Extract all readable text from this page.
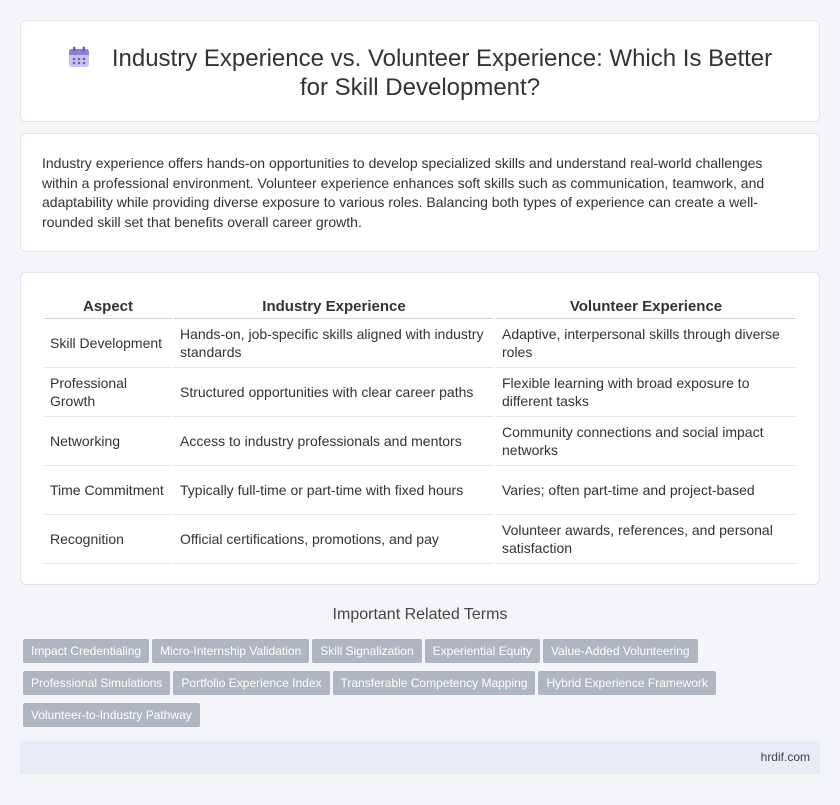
Industry Experience vs. Volunteer Experience: Which Is Better for Skill Development?

Industry experience offers hands-on opportunities to develop specialized skills and understand real-world challenges within a professional environment. Volunteer experience enhances soft skills such as communication, teamwork, and adaptability while providing diverse exposure to various roles. Balancing both types of experience can create a well-rounded skill set that benefits overall career growth.

Aspect	Industry Experience	Volunteer Experience
Skill Development	Hands-on, job-specific skills aligned with industry standards	Adaptive, interpersonal skills through diverse roles
Professional Growth	Structured opportunities with clear career paths	Flexible learning with broad exposure to different tasks
Networking	Access to industry professionals and mentors	Community connections and social impact networks
Time Commitment	Typically full-time or part-time with fixed hours	Varies; often part-time and project-based
Recognition	Official certifications, promotions, and pay	Volunteer awards, references, and personal satisfaction
Important Related Terms
Impact Credentialing Micro-Internship Validation Skill Signalization Experiential Equity Value-Added Volunteering
Professional Simulations Portfolio Experience Index Transferable Competency Mapping Hybrid Experience Framework
Volunteer-to-Industry Pathway
hrdif.com
